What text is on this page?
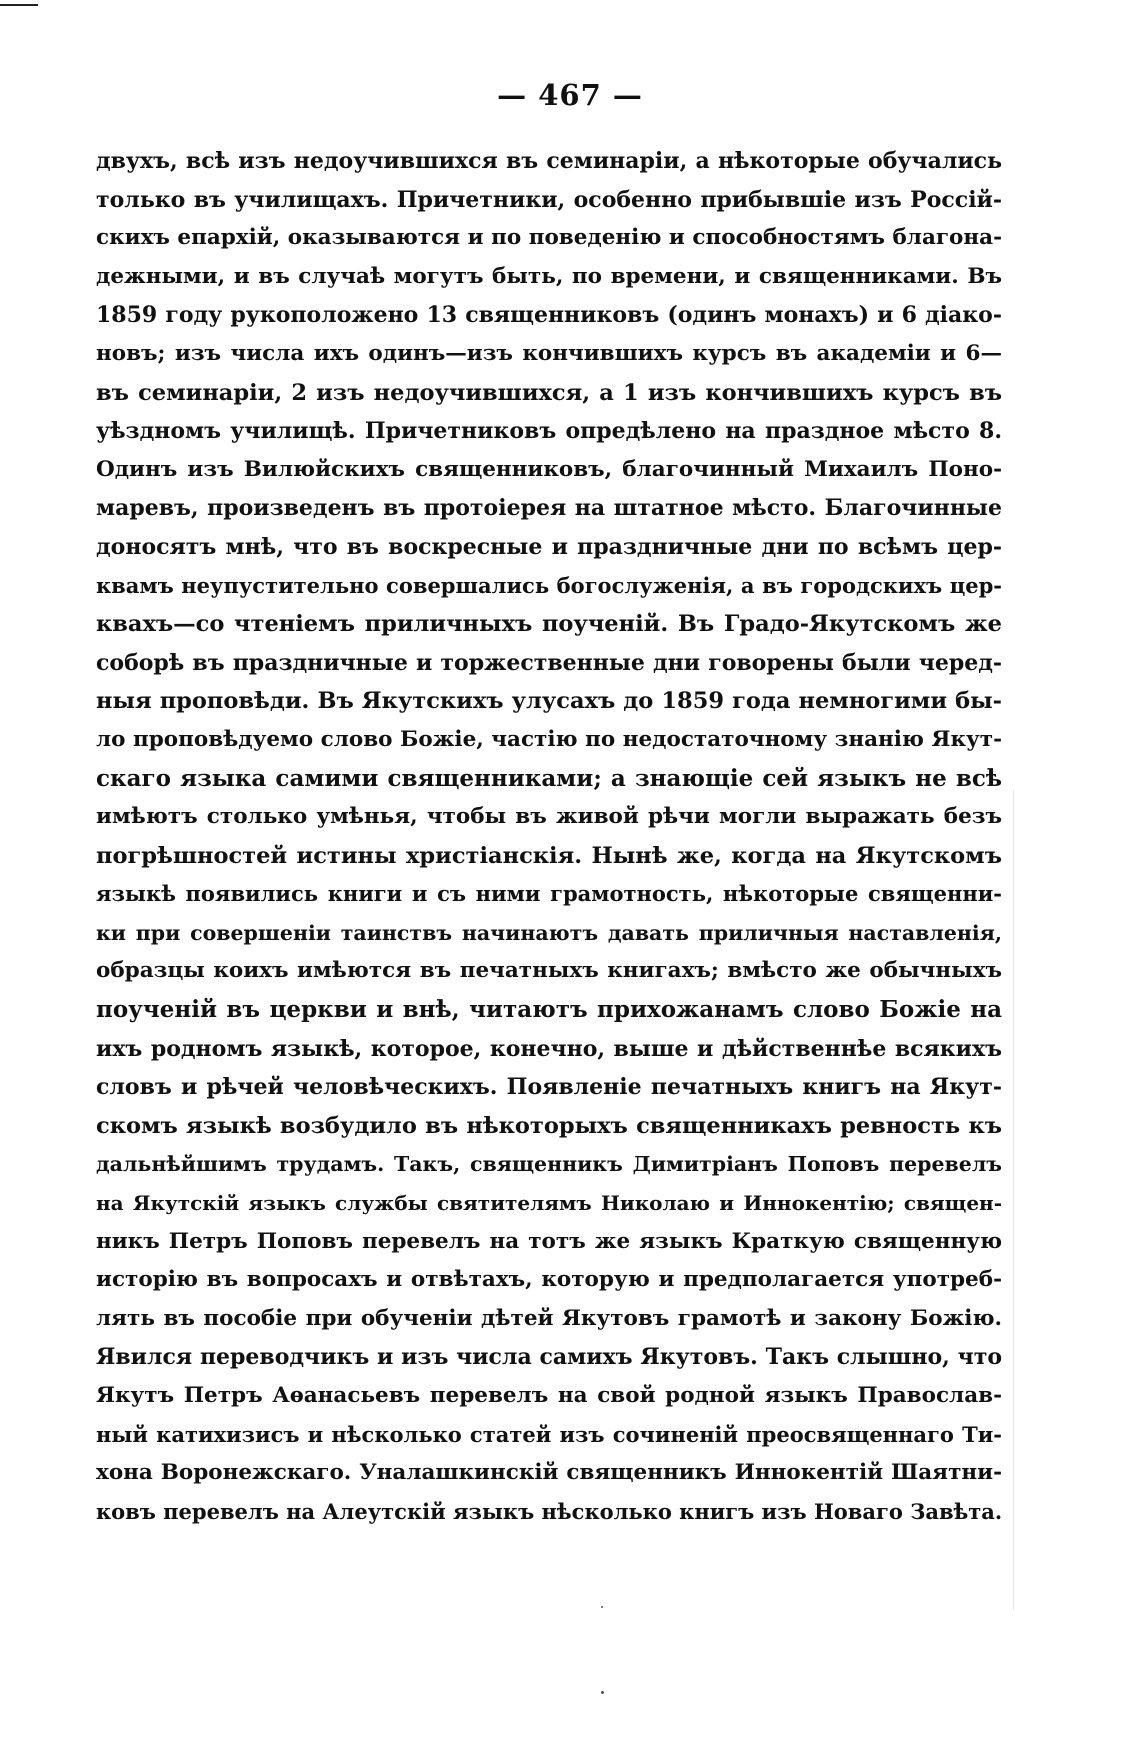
— 467 —
двухъ, всѣ изъ недоучившихся въ семинаріи, а нѣкоторые обучались
только въ училищахъ. Причетники, особенно прибывшіе изъ Россій-
скихъ епархій, оказываются и по поведенію и способностямъ благона-
дежными, и въ случаѣ могутъ быть, по времени, и священниками. Въ
1859 году рукоположено 13 священниковъ (одинъ монахъ) и 6 діако-
новъ; изъ числа ихъ одинъ—изъ кончившихъ курсъ въ академіи и 6—
въ семинаріи, 2 изъ недоучившихся, а 1 изъ кончившихъ курсъ въ
уѣздномъ училищѣ. Причетниковъ опредѣлено на праздное мѣсто 8.
Одинъ изъ Вилюйскихъ священниковъ, благочинный Михаилъ Поно-
маревъ, произведенъ въ протоіерея на штатное мѣсто. Благочинные
доносятъ мнѣ, что въ воскресные и праздничные дни по всѣмъ цер-
квамъ неупустительно совершались богослуженія, а въ городскихъ цер-
квахъ—со чтеніемъ приличныхъ поученій. Въ Градо-Якутскомъ же
соборѣ въ праздничные и торжественные дни говорены были черед-
ныя проповѣди. Въ Якутскихъ улусахъ до 1859 года немногими бы-
ло проповѣдуемо слово Божіе, частію по недостаточному знанію Якут-
скаго языка самими священниками; а знающіе сей языкъ не всѣ
имѣютъ столько умѣнья, чтобы въ живой рѣчи могли выражать безъ
погрѣшностей истины христіанскія. Нынѣ же, когда на Якутскомъ
языкѣ появились книги и съ ними грамотность, нѣкоторые священни-
ки при совершеніи таинствъ начинаютъ давать приличныя наставленія,
образцы коихъ имѣются въ печатныхъ книгахъ; вмѣсто же обычныхъ
поученій въ церкви и внѣ, читаютъ прихожанамъ слово Божіе на
ихъ родномъ языкѣ, которое, конечно, выше и дѣйственнѣе всякихъ
словъ и рѣчей человѣческихъ. Появленіе печатныхъ книгъ на Якут-
скомъ языкѣ возбудило въ нѣкоторыхъ священникахъ ревность къ
дальнѣйшимъ трудамъ. Такъ, священникъ Димитріанъ Поповъ перевелъ
на Якутскій языкъ службы святителямъ Николаю и Иннокентію; священ-
никъ Петръ Поповъ перевелъ на тотъ же языкъ Краткую священную
исторію въ вопросахъ и отвѣтахъ, которую и предполагается употреб-
лять въ пособіе при обученіи дѣтей Якутовъ грамотѣ и закону Божію.
Явился переводчикъ и изъ числа самихъ Якутовъ. Такъ слышно, что
Якутъ Петръ Аѳанасьевъ перевелъ на свой родной языкъ Православ-
ный катихизисъ и нѣсколько статей изъ сочиненій преосвященнаго Ти-
хона Воронежскаго. Уналашкинскій священникъ Иннокентій Шаятни-
ковъ перевелъ на Алеутскій языкъ нѣсколько книгъ изъ Новаго Завѣта.
